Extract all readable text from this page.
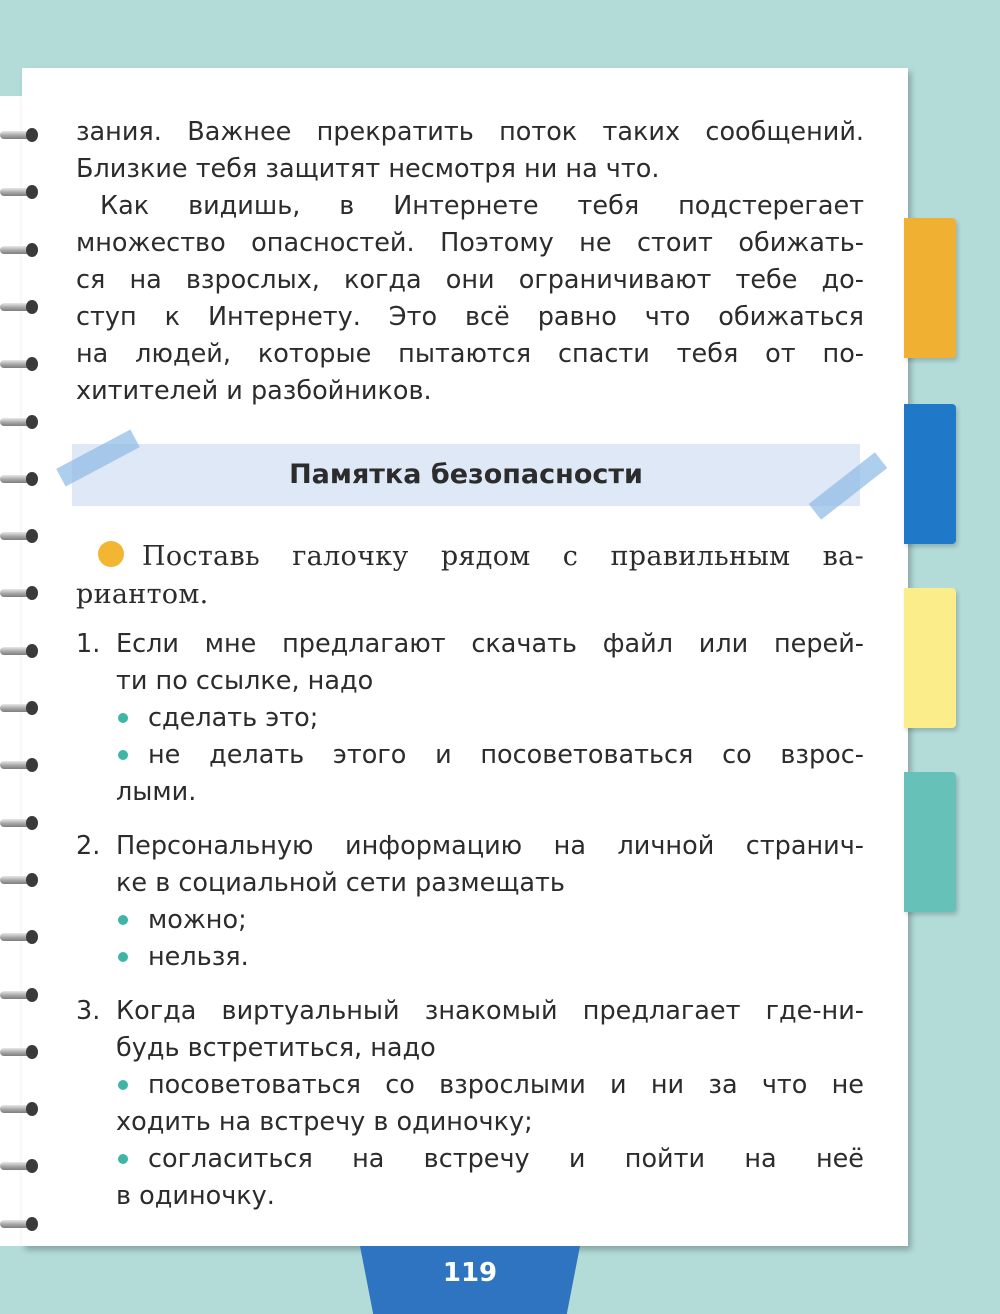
зания. Важнее прекратить поток таких сообщений.

Близкие тебя защитят несмотря ни на что.

Как видишь, в Интернете тебя подстерегает

множество опасностей. Поэтому не стоит обижать-

ся на взрослых, когда они ограничивают тебе до-

ступ к Интернету. Это всё равно что обижаться

на людей, которые пытаются спасти тебя от по-

хитителей и разбойников.

Памятка безопасности

Поставь галочку рядом с правильным ва-

риантом.

1. Если мне предлагают скачать файл или перей-

ти по ссылке, надо

сделать это;

не делать этого и посоветоваться со взрос-

лыми.

2. Персональную информацию на личной странич-

ке в социальной сети размещать

можно;

нельзя.

3. Когда виртуальный знакомый предлагает где-ни-

будь встретиться, надо

посоветоваться со взрослыми и ни за что не

ходить на встречу в одиночку;

согласиться на встречу и пойти на неё

в одиночку.

119
